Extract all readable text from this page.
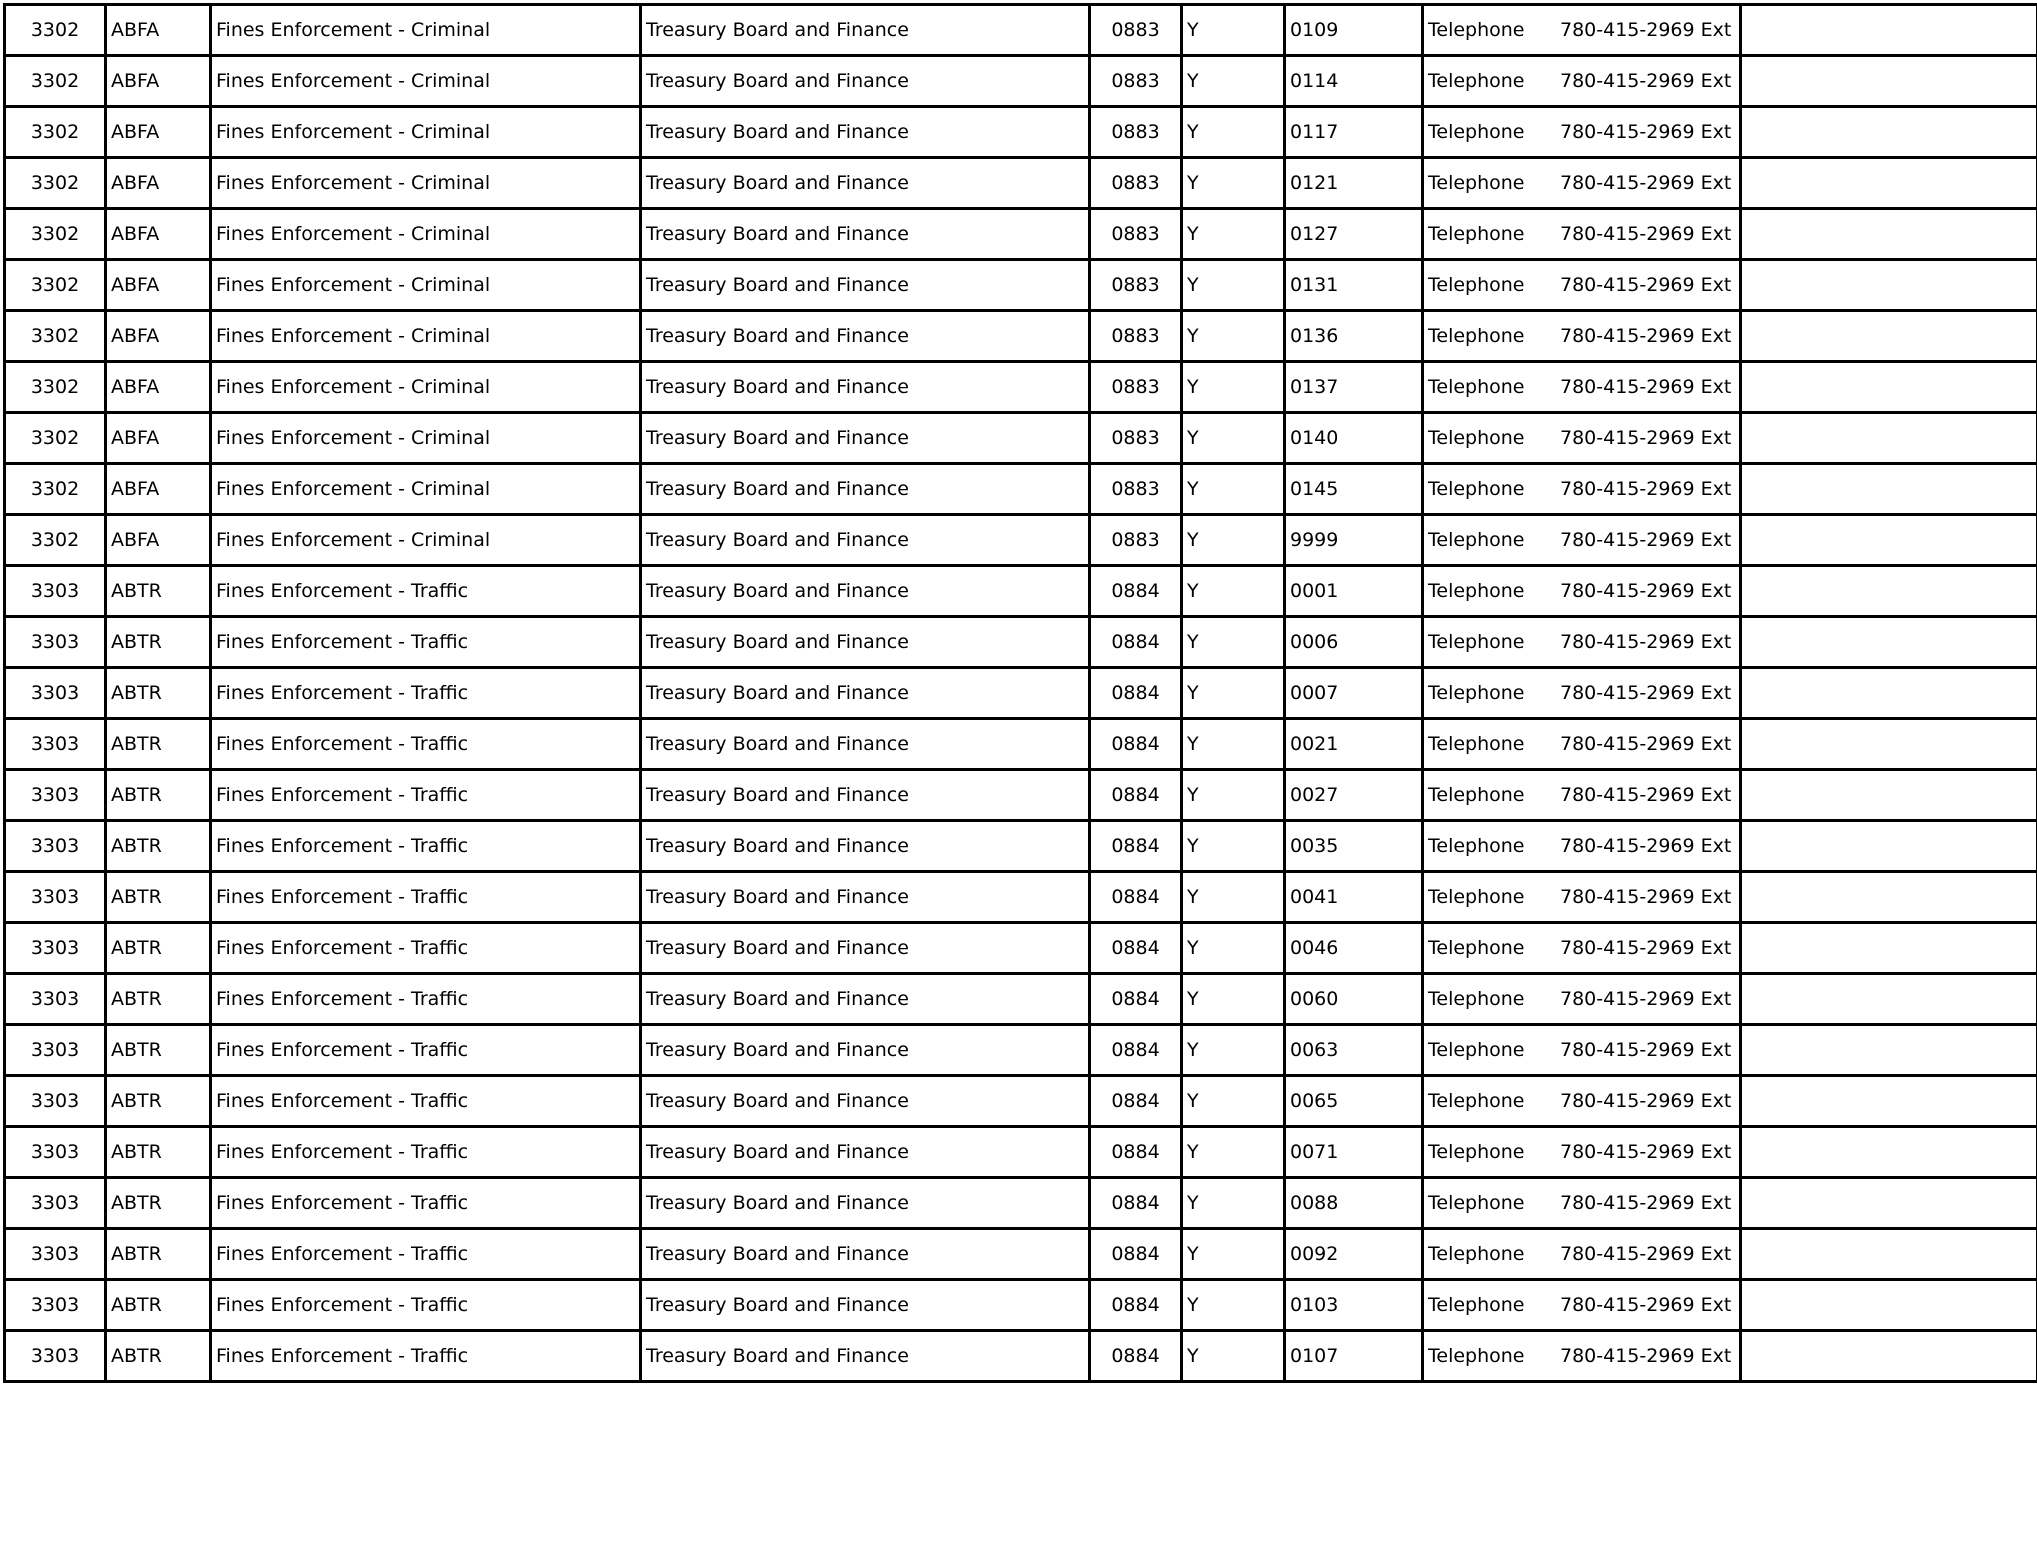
3302	ABFA	Fines Enforcement - Criminal	Treasury Board and Finance	0883	Y	0109	Telephone 780-415-2969 Ext	
3302	ABFA	Fines Enforcement - Criminal	Treasury Board and Finance	0883	Y	0114	Telephone 780-415-2969 Ext	
3302	ABFA	Fines Enforcement - Criminal	Treasury Board and Finance	0883	Y	0117	Telephone 780-415-2969 Ext	
3302	ABFA	Fines Enforcement - Criminal	Treasury Board and Finance	0883	Y	0121	Telephone 780-415-2969 Ext	
3302	ABFA	Fines Enforcement - Criminal	Treasury Board and Finance	0883	Y	0127	Telephone 780-415-2969 Ext	
3302	ABFA	Fines Enforcement - Criminal	Treasury Board and Finance	0883	Y	0131	Telephone 780-415-2969 Ext	
3302	ABFA	Fines Enforcement - Criminal	Treasury Board and Finance	0883	Y	0136	Telephone 780-415-2969 Ext	
3302	ABFA	Fines Enforcement - Criminal	Treasury Board and Finance	0883	Y	0137	Telephone 780-415-2969 Ext	
3302	ABFA	Fines Enforcement - Criminal	Treasury Board and Finance	0883	Y	0140	Telephone 780-415-2969 Ext	
3302	ABFA	Fines Enforcement - Criminal	Treasury Board and Finance	0883	Y	0145	Telephone 780-415-2969 Ext	
3302	ABFA	Fines Enforcement - Criminal	Treasury Board and Finance	0883	Y	9999	Telephone 780-415-2969 Ext	
3303	ABTR	Fines Enforcement - Traffic	Treasury Board and Finance	0884	Y	0001	Telephone 780-415-2969 Ext	
3303	ABTR	Fines Enforcement - Traffic	Treasury Board and Finance	0884	Y	0006	Telephone 780-415-2969 Ext	
3303	ABTR	Fines Enforcement - Traffic	Treasury Board and Finance	0884	Y	0007	Telephone 780-415-2969 Ext	
3303	ABTR	Fines Enforcement - Traffic	Treasury Board and Finance	0884	Y	0021	Telephone 780-415-2969 Ext	
3303	ABTR	Fines Enforcement - Traffic	Treasury Board and Finance	0884	Y	0027	Telephone 780-415-2969 Ext	
3303	ABTR	Fines Enforcement - Traffic	Treasury Board and Finance	0884	Y	0035	Telephone 780-415-2969 Ext	
3303	ABTR	Fines Enforcement - Traffic	Treasury Board and Finance	0884	Y	0041	Telephone 780-415-2969 Ext	
3303	ABTR	Fines Enforcement - Traffic	Treasury Board and Finance	0884	Y	0046	Telephone 780-415-2969 Ext	
3303	ABTR	Fines Enforcement - Traffic	Treasury Board and Finance	0884	Y	0060	Telephone 780-415-2969 Ext	
3303	ABTR	Fines Enforcement - Traffic	Treasury Board and Finance	0884	Y	0063	Telephone 780-415-2969 Ext	
3303	ABTR	Fines Enforcement - Traffic	Treasury Board and Finance	0884	Y	0065	Telephone 780-415-2969 Ext	
3303	ABTR	Fines Enforcement - Traffic	Treasury Board and Finance	0884	Y	0071	Telephone 780-415-2969 Ext	
3303	ABTR	Fines Enforcement - Traffic	Treasury Board and Finance	0884	Y	0088	Telephone 780-415-2969 Ext	
3303	ABTR	Fines Enforcement - Traffic	Treasury Board and Finance	0884	Y	0092	Telephone 780-415-2969 Ext	
3303	ABTR	Fines Enforcement - Traffic	Treasury Board and Finance	0884	Y	0103	Telephone 780-415-2969 Ext	
3303	ABTR	Fines Enforcement - Traffic	Treasury Board and Finance	0884	Y	0107	Telephone 780-415-2969 Ext	
